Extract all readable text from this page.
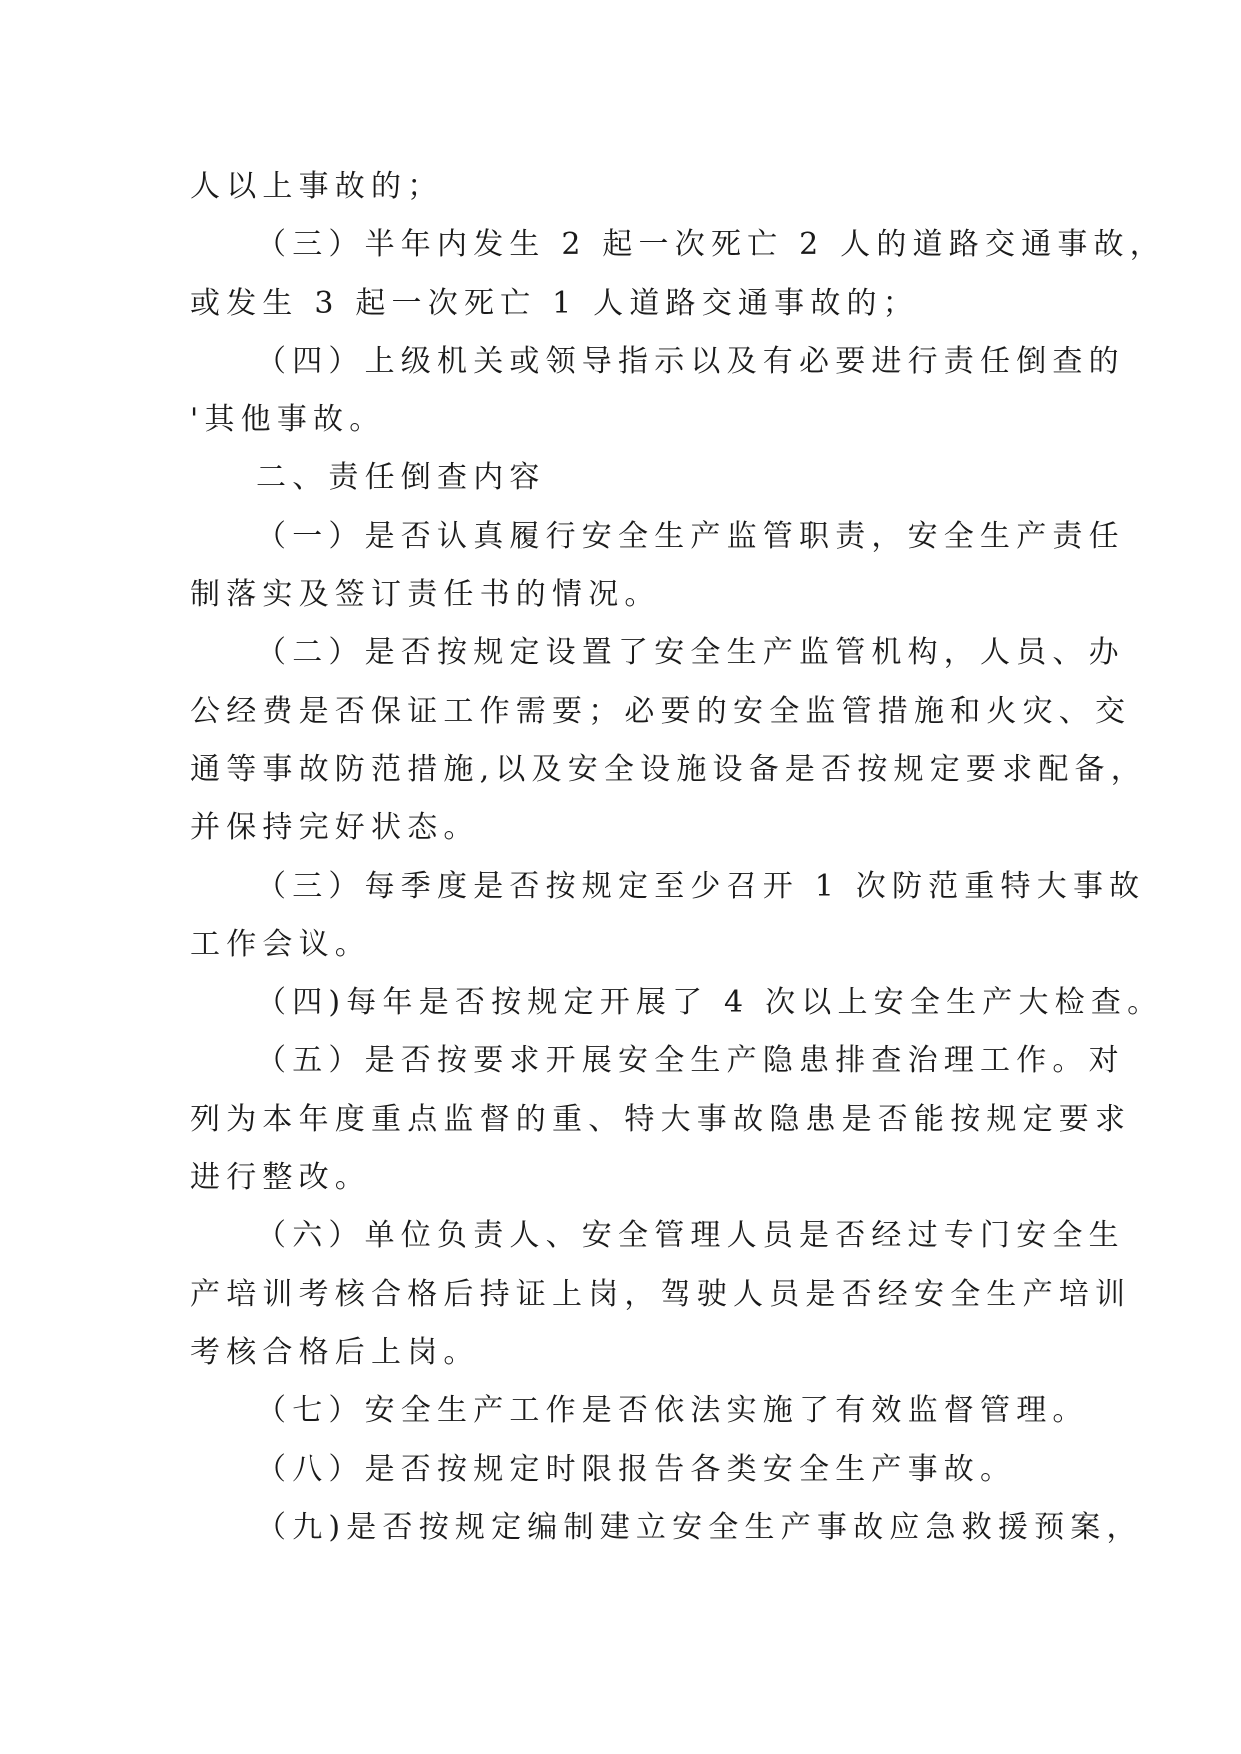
人以上事故的；
（三）半年内发生 2 起一次死亡 2 人的道路交通事故，
或发生 3 起一次死亡 1 人道路交通事故的；
（四）上级机关或领导指示以及有必要进行责任倒查的
'其他事故。
二、责任倒查内容
（一）是否认真履行安全生产监管职责，安全生产责任
制落实及签订责任书的情况。
（二）是否按规定设置了安全生产监管机构，人员、办
公经费是否保证工作需要；必要的安全监管措施和火灾、交
通等事故防范措施,以及安全设施设备是否按规定要求配备，
并保持完好状态。
（三）每季度是否按规定至少召开 1 次防范重特大事故
工作会议。
（四)每年是否按规定开展了 4 次以上安全生产大检查。
（五）是否按要求开展安全生产隐患排查治理工作。对
列为本年度重点监督的重、特大事故隐患是否能按规定要求
进行整改。
（六）单位负责人、安全管理人员是否经过专门安全生
产培训考核合格后持证上岗，驾驶人员是否经安全生产培训
考核合格后上岗。
（七）安全生产工作是否依法实施了有效监督管理。
（八）是否按规定时限报告各类安全生产事故。
（九)是否按规定编制建立安全生产事故应急救援预案，
